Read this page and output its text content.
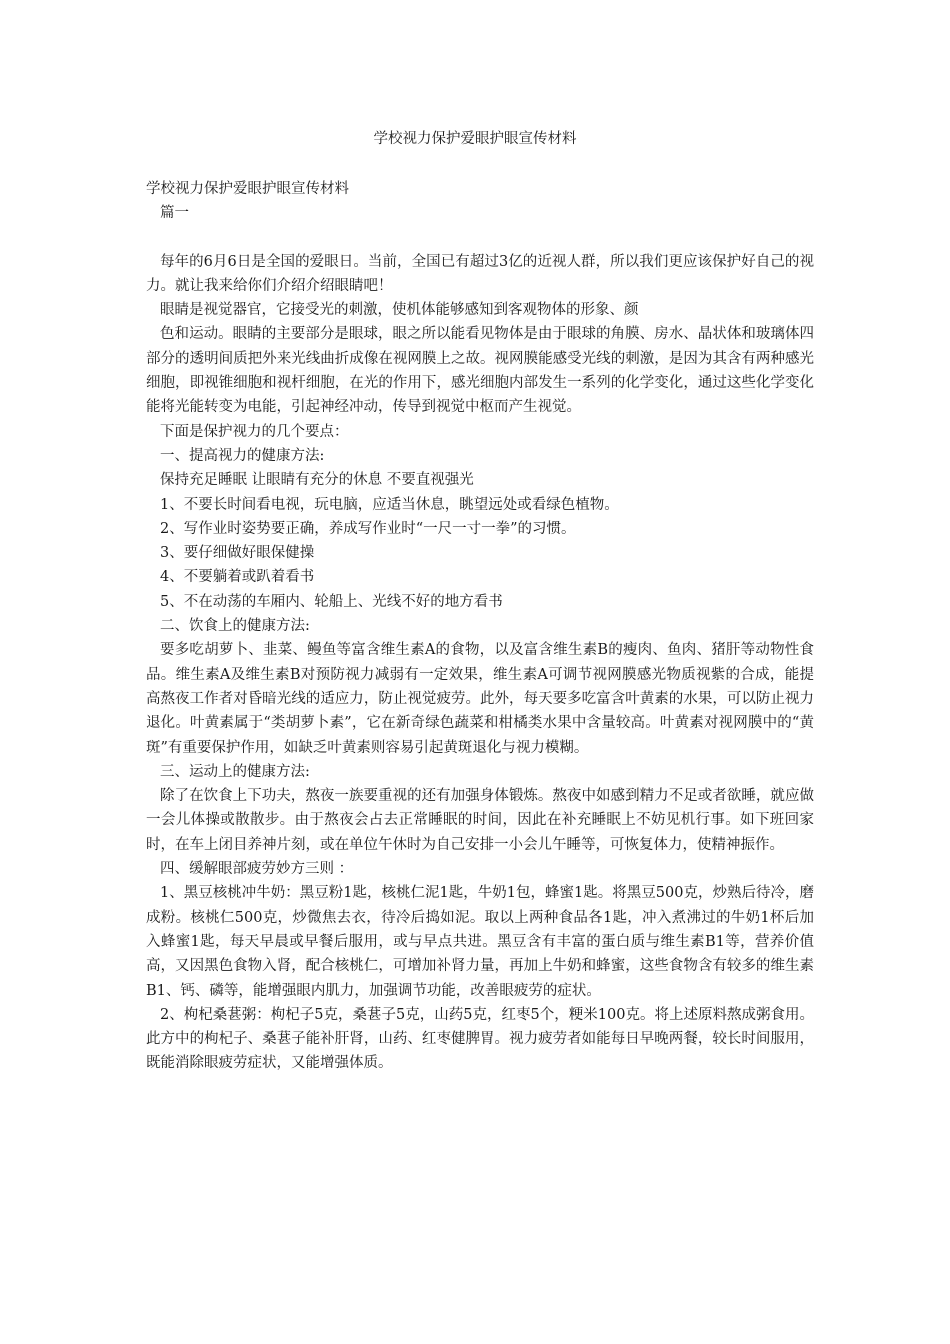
学校视力保护爱眼护眼宣传材料

学校视力保护爱眼护眼宣传材料

篇一

每年的6月6日是全国的爱眼日。当前，全国已有超过3亿的近视人群，所以我们更应该保护好自己的视力。就让我来给你们介绍介绍眼睛吧！

眼睛是视觉器官，它接受光的刺激，使机体能够感知到客观物体的形象、颜

色和运动。眼睛的主要部分是眼球，眼之所以能看见物体是由于眼球的角膜、房水、晶状体和玻璃体四部分的透明间质把外来光线曲折成像在视网膜上之故。视网膜能感受光线的刺激，是因为其含有两种感光细胞，即视锥细胞和视杆细胞，在光的作用下，感光细胞内部发生一系列的化学变化，通过这些化学变化能将光能转变为电能，引起神经冲动，传导到视觉中枢而产生视觉。

下面是保护视力的几个要点：

一、提高视力的健康方法:

保持充足睡眠 让眼睛有充分的休息 不要直视强光

1、不要长时间看电视，玩电脑，应适当休息，眺望远处或看绿色植物。

2、写作业时姿势要正确，养成写作业时“一尺一寸一拳”的习惯。

3、要仔细做好眼保健操

4、不要躺着或趴着看书

5、不在动荡的车厢内、轮船上、光线不好的地方看书

二、饮食上的健康方法:

要多吃胡萝卜、韭菜、鳗鱼等富含维生素A的食物，以及富含维生素B的瘦肉、鱼肉、猪肝等动物性食品。维生素A及维生素B对预防视力减弱有一定效果，维生素A可调节视网膜感光物质视紫的合成，能提高熬夜工作者对昏暗光线的适应力，防止视觉疲劳。此外，每天要多吃富含叶黄素的水果，可以防止视力退化。叶黄素属于“类胡萝卜素”，它在新奇绿色蔬菜和柑橘类水果中含量较高。叶黄素对视网膜中的“黄斑”有重要保护作用，如缺乏叶黄素则容易引起黄斑退化与视力模糊。

三、运动上的健康方法:

除了在饮食上下功夫，熬夜一族要重视的还有加强身体锻炼。熬夜中如感到精力不足或者欲睡，就应做一会儿体操或散散步。由于熬夜会占去正常睡眠的时间，因此在补充睡眠上不妨见机行事。如下班回家时，在车上闭目养神片刻，或在单位午休时为自己安排一小会儿午睡等，可恢复体力，使精神振作。

四、缓解眼部疲劳妙方三则 ：

1、黑豆核桃冲牛奶：黑豆粉1匙，核桃仁泥1匙，牛奶1包，蜂蜜1匙。将黑豆500克，炒熟后待冷，磨成粉。核桃仁500克，炒微焦去衣，待冷后捣如泥。取以上两种食品各1匙，冲入煮沸过的牛奶1杯后加入蜂蜜1匙，每天早晨或早餐后服用，或与早点共进。黑豆含有丰富的蛋白质与维生素B1等，营养价值高，又因黑色食物入肾，配合核桃仁，可增加补肾力量，再加上牛奶和蜂蜜，这些食物含有较多的维生素B1、钙、磷等，能增强眼内肌力，加强调节功能，改善眼疲劳的症状。

2、枸杞桑葚粥：枸杞子5克，桑葚子5克，山药5克，红枣5个，粳米100克。将上述原料熬成粥食用。此方中的枸杞子、桑葚子能补肝肾，山药、红枣健脾胃。视力疲劳者如能每日早晚两餐，较长时间服用，既能消除眼疲劳症状，又能增强体质。
